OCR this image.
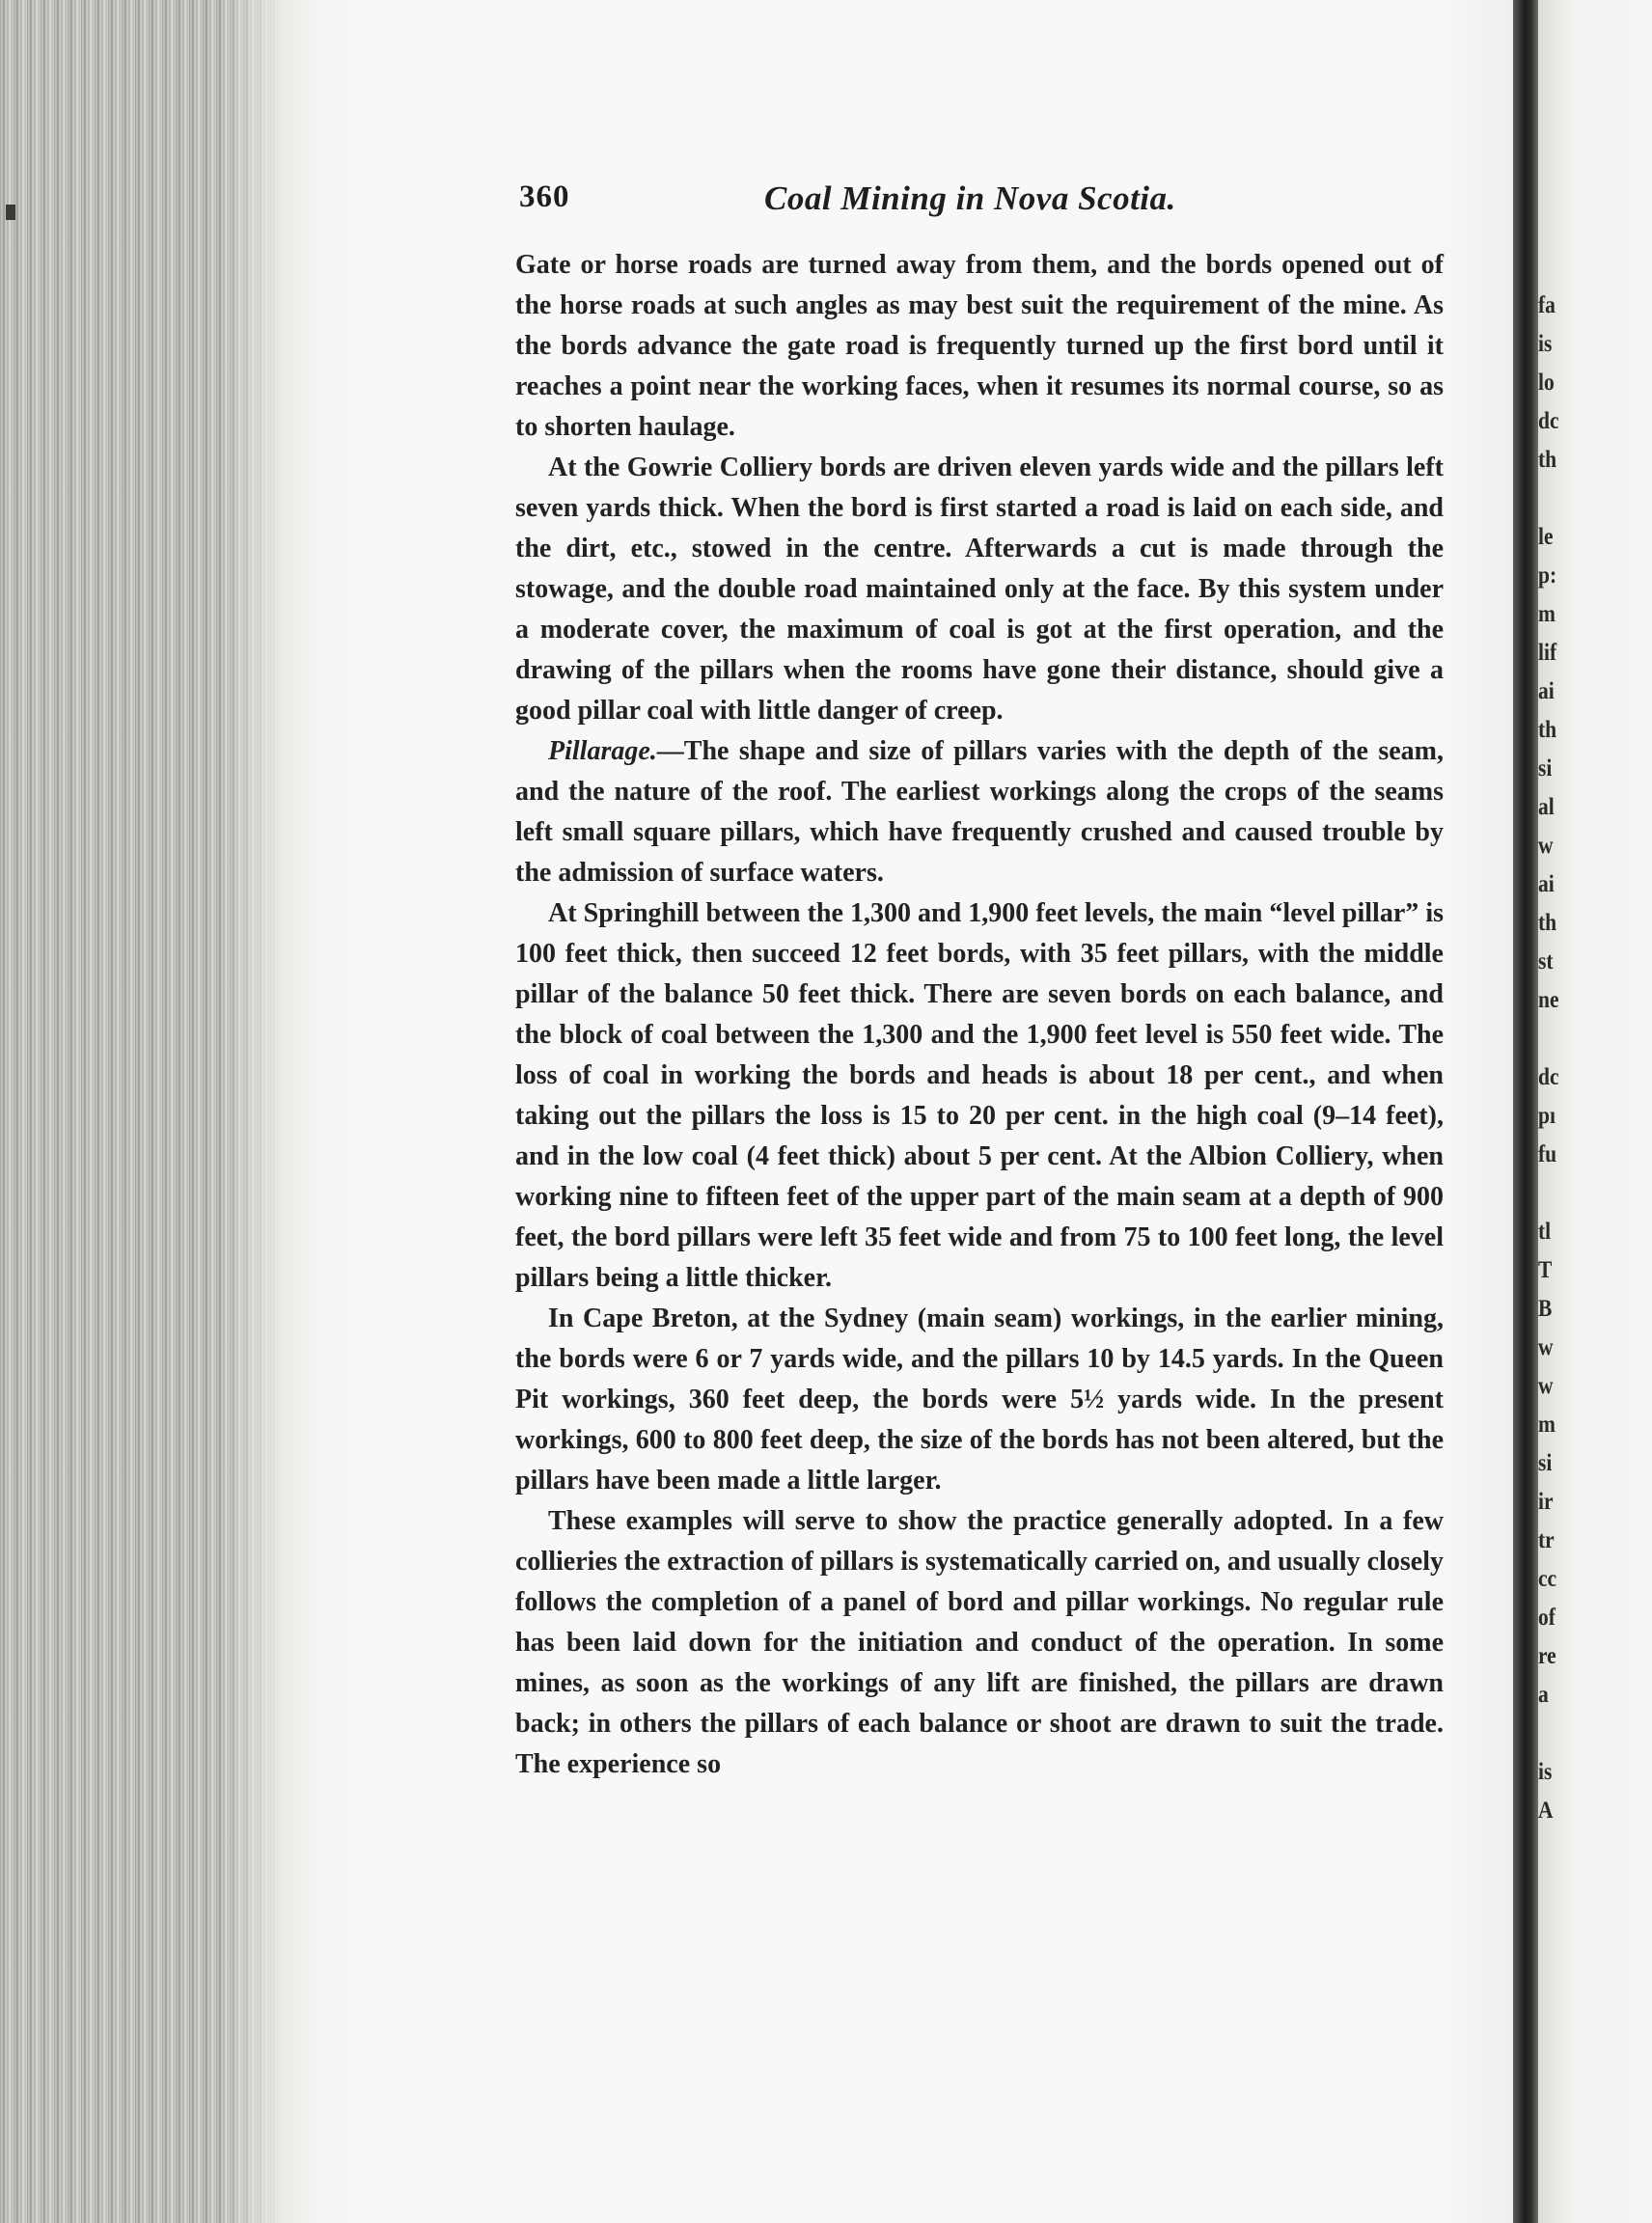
360	Coal Mining in Nova Scotia.

Gate or horse roads are turned away from them, and the bords opened out of the horse roads at such angles as may best suit the requirement of the mine. As the bords advance the gate road is frequently turned up the first bord until it reaches a point near the working faces, when it resumes its normal course, so as to shorten haulage.

At the Gowrie Colliery bords are driven eleven yards wide and the pillars left seven yards thick. When the bord is first started a road is laid on each side, and the dirt, etc., stowed in the centre. Afterwards a cut is made through the stowage, and the double road maintained only at the face. By this system under a moderate cover, the maximum of coal is got at the first operation, and the drawing of the pillars when the rooms have gone their distance, should give a good pillar coal with little danger of creep.

Pillarage.—The shape and size of pillars varies with the depth of the seam, and the nature of the roof. The earliest workings along the crops of the seams left small square pillars, which have frequently crushed and caused trouble by the admission of surface waters.

At Springhill between the 1,300 and 1,900 feet levels, the main “level pillar” is 100 feet thick, then succeed 12 feet bords, with 35 feet pillars, with the middle pillar of the balance 50 feet thick. There are seven bords on each balance, and the block of coal between the 1,300 and the 1,900 feet level is 550 feet wide. The loss of coal in working the bords and heads is about 18 per cent., and when taking out the pillars the loss is 15 to 20 per cent. in the high coal (9–14 feet), and in the low coal (4 feet thick) about 5 per cent. At the Albion Colliery, when working nine to fifteen feet of the upper part of the main seam at a depth of 900 feet, the bord pillars were left 35 feet wide and from 75 to 100 feet long, the level pillars being a little thicker.

In Cape Breton, at the Sydney (main seam) workings, in the earlier mining, the bords were 6 or 7 yards wide, and the pillars 10 by 14.5 yards. In the Queen Pit workings, 360 feet deep, the bords were 5½ yards wide. In the present workings, 600 to 800 feet deep, the size of the bords has not been altered, but the pillars have been made a little larger.

These examples will serve to show the practice generally adopted. In a few collieries the extraction of pillars is systematically carried on, and usually closely follows the completion of a panel of bord and pillar workings. No regular rule has been laid down for the initiation and conduct of the operation. In some mines, as soon as the workings of any lift are finished, the pillars are drawn back; in others the pillars of each balance or shoot are drawn to suit the trade. The experience so

fa
is
lo
dc
th
le
p:
m
lif
ai
th
si
al
w
ai
th
st
ne
dc
pı
fu
tl
T
B
w
w
m
si
ir
tr
cc
of
re
a
is
A
